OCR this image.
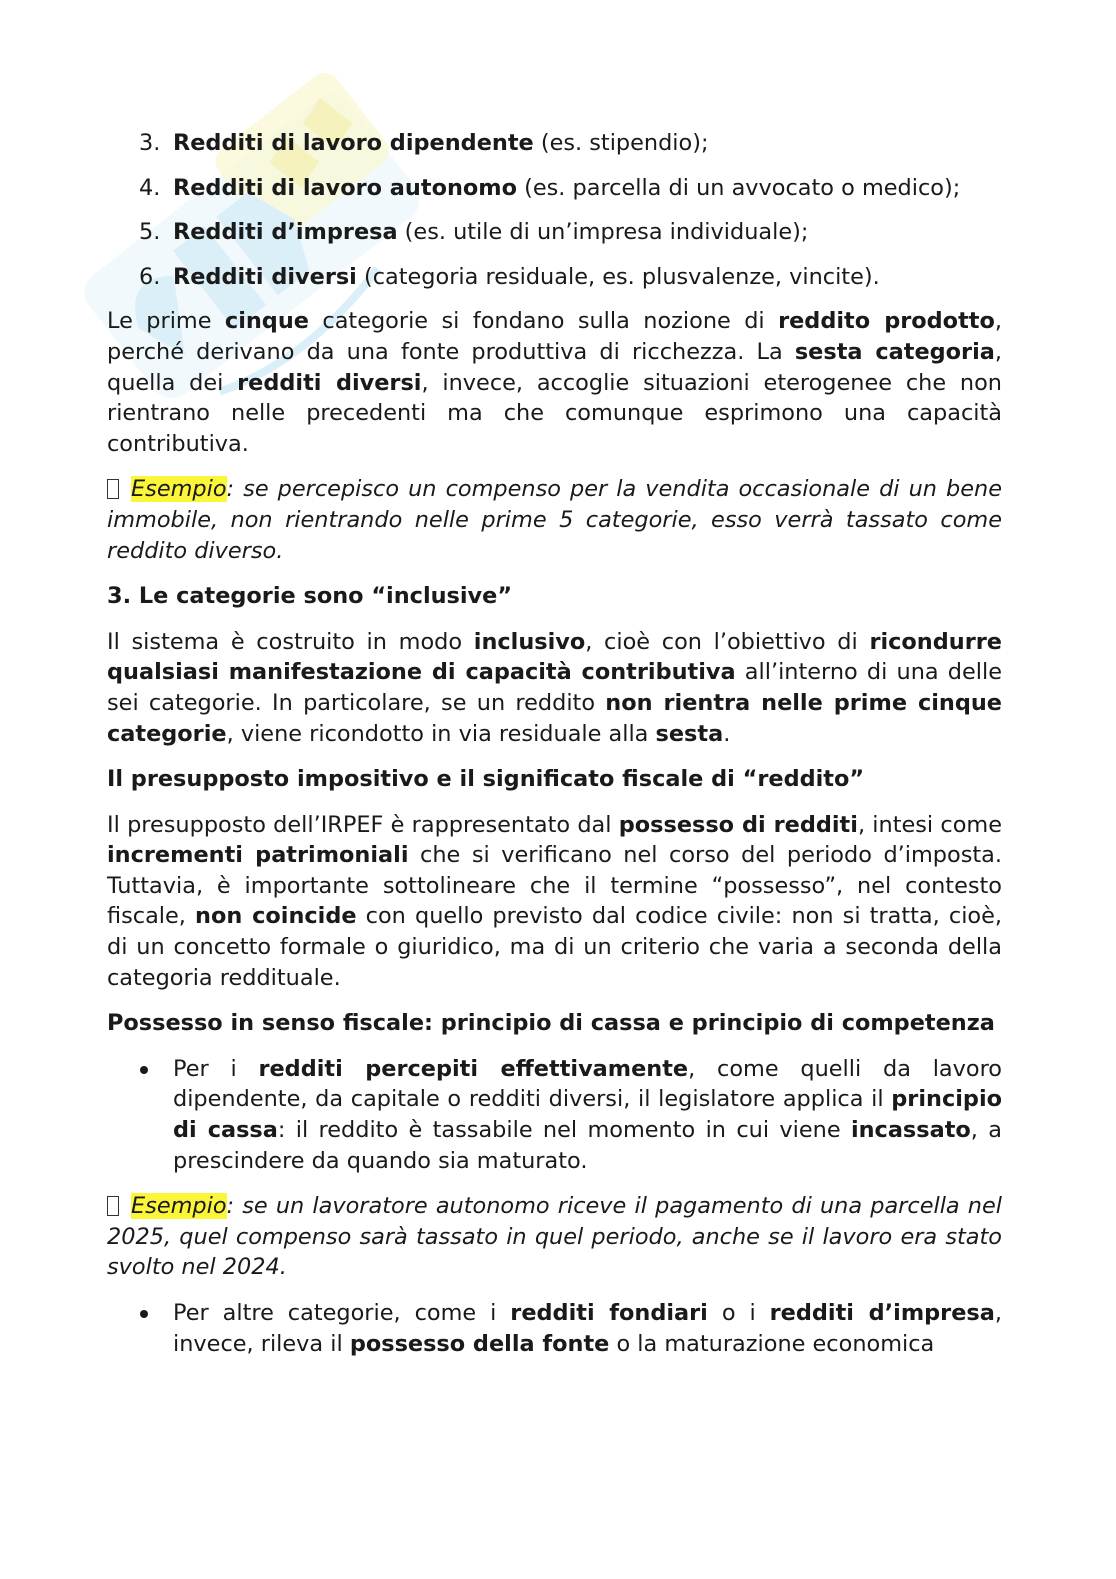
3. Redditi di lavoro dipendente (es. stipendio);
4. Redditi di lavoro autonomo (es. parcella di un avvocato o medico);
5. Redditi d’impresa (es. utile di un’impresa individuale);
6. Redditi diversi (categoria residuale, es. plusvalenze, vincite).

Le prime cinque categorie si fondano sulla nozione di reddito prodotto, perché derivano da una fonte produttiva di ricchezza. La sesta categoria, quella dei redditi diversi, invece, accoglie situazioni eterogenee che non rientrano nelle precedenti ma che comunque esprimono una capacità contributiva.

Esempio: se percepisco un compenso per la vendita occasionale di un bene immobile, non rientrando nelle prime 5 categorie, esso verrà tassato come reddito diverso.

3. Le categorie sono “inclusive”

Il sistema è costruito in modo inclusivo, cioè con l’obiettivo di ricondurre qualsiasi manifestazione di capacità contributiva all’interno di una delle sei categorie. In particolare, se un reddito non rientra nelle prime cinque categorie, viene ricondotto in via residuale alla sesta.

Il presupposto impositivo e il significato fiscale di “reddito”

Il presupposto dell’IRPEF è rappresentato dal possesso di redditi, intesi come incrementi patrimoniali che si verificano nel corso del periodo d’imposta. Tuttavia, è importante sottolineare che il termine “possesso”, nel contesto fiscale, non coincide con quello previsto dal codice civile: non si tratta, cioè, di un concetto formale o giuridico, ma di un criterio che varia a seconda della categoria reddituale.

Possesso in senso fiscale: principio di cassa e principio di competenza
Per i redditi percepiti effettivamente, come quelli da lavoro dipendente, da capitale o redditi diversi, il legislatore applica il principio di cassa: il reddito è tassabile nel momento in cui viene incassato, a prescindere da quando sia maturato.

Esempio: se un lavoratore autonomo riceve il pagamento di una parcella nel 2025, quel compenso sarà tassato in quel periodo, anche se il lavoro era stato svolto nel 2024.

Per altre categorie, come i redditi fondiari o i redditi d’impresa, invece, rileva il possesso della fonte o la maturazione economica
